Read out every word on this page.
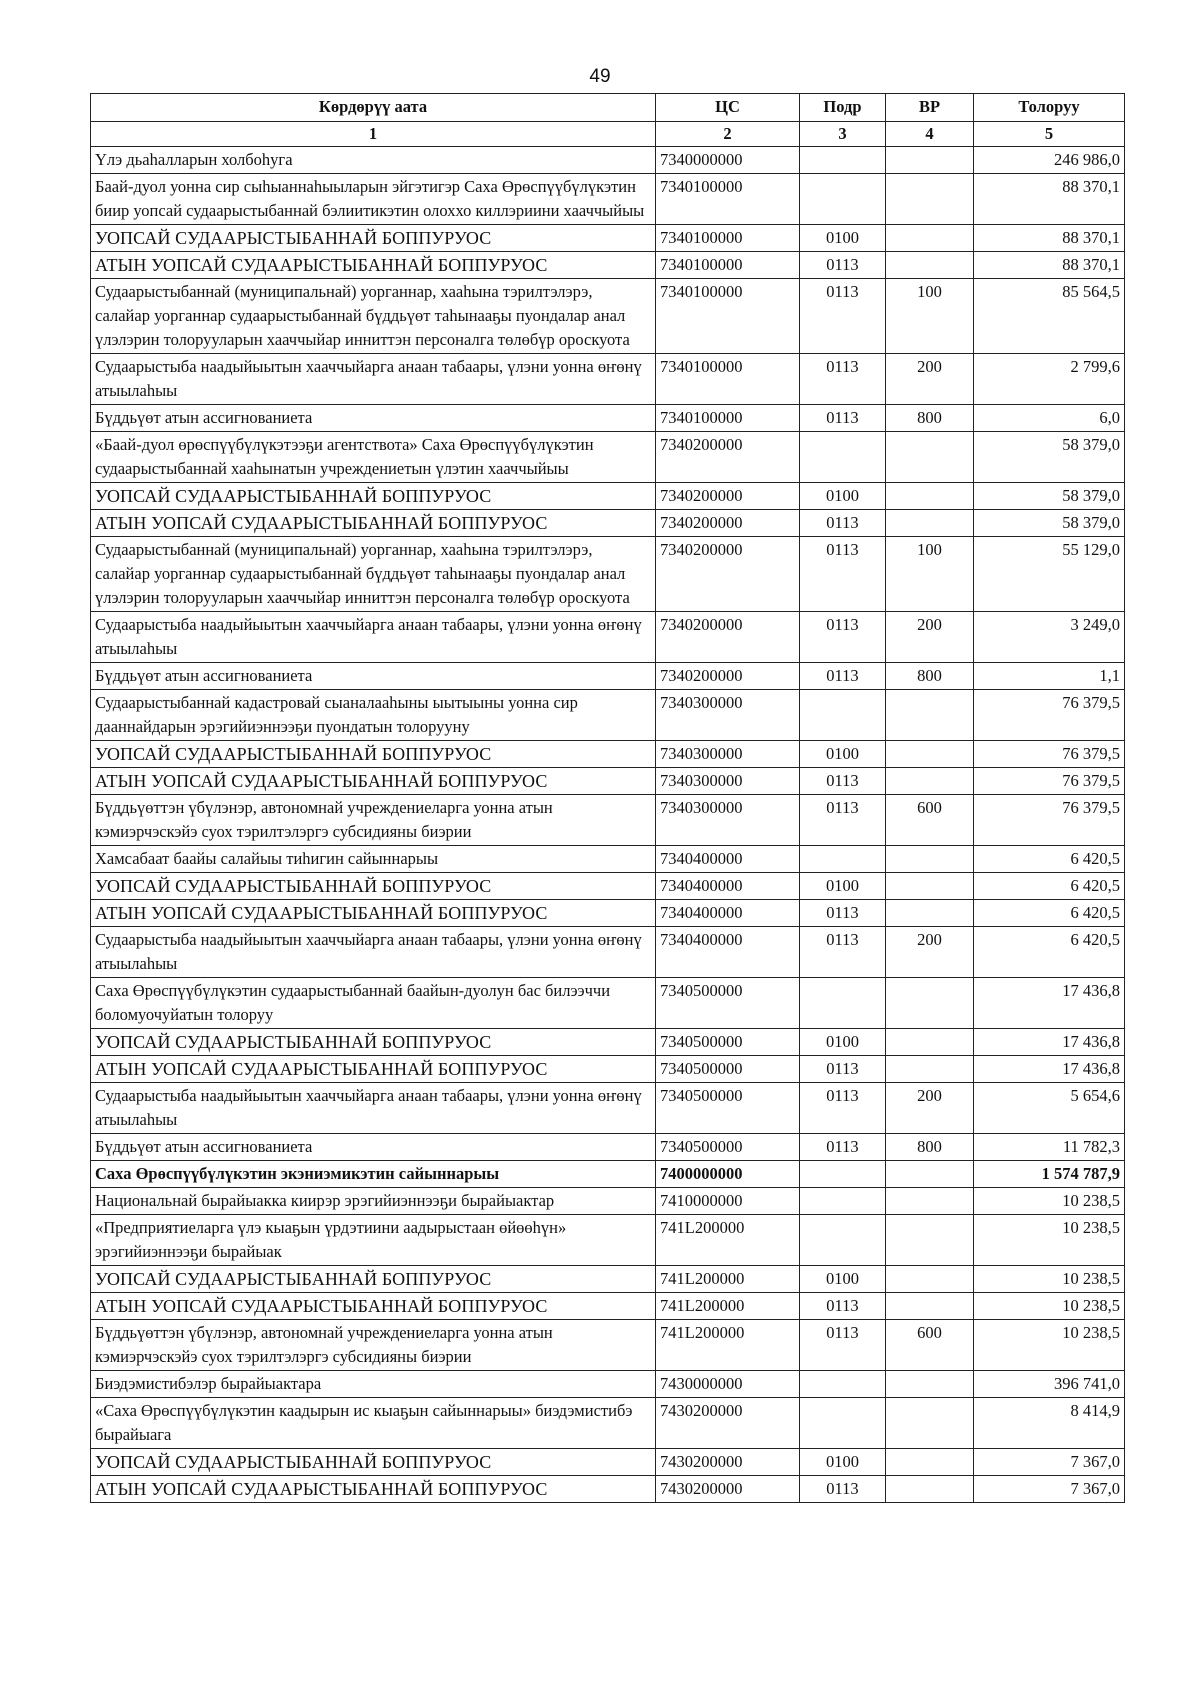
49
Көрдөрүү аата	ЦС	Подр	ВР	Толоруу
1	2	3	4	5
Үлэ дьаһалларын холбоһуга	7340000000			246 986,0
Баай-дуол уонна сир сыһыаннаһыыларын эйгэтигэр Саха Өрөспүүбүлүкэтин биир уопсай судаарыстыбаннай бэлиитикэтин олоххо киллэриини хааччыйыы	7340100000			88 370,1
УОПСАЙ СУДААРЫСТЫБАННАЙ БОППУРУОС	7340100000	0100		88 370,1
АТЫН УОПСАЙ СУДААРЫСТЫБАННАЙ БОППУРУОС	7340100000	0113		88 370,1
Судаарыстыбаннай (муниципальнай) уорганнар, хааһына тэрилтэлэрэ, салайар уорганнар судаарыстыбаннай бүддьүөт таһынааҕы пуондалар анал үлэлэрин толорууларын хааччыйар инниттэн персоналга төлөбүр ороскуота	7340100000	0113	100	85 564,5
Судаарыстыба наадыйыытын хааччыйарга анаан табаары, үлэни уонна өҥөнү атыылаһыы	7340100000	0113	200	2 799,6
Бүддьүөт атын ассигнованиета	7340100000	0113	800	6,0
«Баай-дуол өрөспүүбүлүкэтээҕи агентствота» Саха Өрөспүүбүлүкэтин судаарыстыбаннай хааһынатын учреждениетын үлэтин хааччыйыы	7340200000			58 379,0
УОПСАЙ СУДААРЫСТЫБАННАЙ БОППУРУОС	7340200000	0100		58 379,0
АТЫН УОПСАЙ СУДААРЫСТЫБАННАЙ БОППУРУОС	7340200000	0113		58 379,0
Судаарыстыбаннай (муниципальнай) уорганнар, хааһына тэрилтэлэрэ, салайар уорганнар судаарыстыбаннай бүддьүөт таһынааҕы пуондалар анал үлэлэрин толорууларын хааччыйар инниттэн персоналга төлөбүр ороскуота	7340200000	0113	100	55 129,0
Судаарыстыба наадыйыытын хааччыйарга анаан табаары, үлэни уонна өҥөнү атыылаһыы	7340200000	0113	200	3 249,0
Бүддьүөт атын ассигнованиета	7340200000	0113	800	1,1
Судаарыстыбаннай кадастровай сыаналааһыны ыытыыны уонна сир дааннайдарын эрэгийиэннээҕи пуондатын толорууну	7340300000			76 379,5
УОПСАЙ СУДААРЫСТЫБАННАЙ БОППУРУОС	7340300000	0100		76 379,5
АТЫН УОПСАЙ СУДААРЫСТЫБАННАЙ БОППУРУОС	7340300000	0113		76 379,5
Бүддьүөттэн үбүлэнэр, автономнай учреждениеларга уонна атын кэмиэрчэскэйэ суох тэрилтэлэргэ субсидияны биэрии	7340300000	0113	600	76 379,5
Хамсабаат баайы салайыы тиһигин сайыннарыы	7340400000			6 420,5
УОПСАЙ СУДААРЫСТЫБАННАЙ БОППУРУОС	7340400000	0100		6 420,5
АТЫН УОПСАЙ СУДААРЫСТЫБАННАЙ БОППУРУОС	7340400000	0113		6 420,5
Судаарыстыба наадыйыытын хааччыйарга анаан табаары, үлэни уонна өҥөнү атыылаһыы	7340400000	0113	200	6 420,5
Саха Өрөспүүбүлүкэтин судаарыстыбаннай баайын-дуолун бас билээччи боломуочуйатын толоруу	7340500000			17 436,8
УОПСАЙ СУДААРЫСТЫБАННАЙ БОППУРУОС	7340500000	0100		17 436,8
АТЫН УОПСАЙ СУДААРЫСТЫБАННАЙ БОППУРУОС	7340500000	0113		17 436,8
Судаарыстыба наадыйыытын хааччыйарга анаан табаары, үлэни уонна өҥөнү атыылаһыы	7340500000	0113	200	5 654,6
Бүддьүөт атын ассигнованиета	7340500000	0113	800	11 782,3
Саха Өрөспүүбүлүкэтин экэниэмикэтин сайыннарыы	7400000000			1 574 787,9
Национальнай бырайыакка киирэр эрэгийиэннээҕи бырайыактар	7410000000			10 238,5
«Предприятиеларга үлэ кыаҕын үрдэтиини аадырыстаан өйөөһүн» эрэгийиэннээҕи бырайыак	741L200000			10 238,5
УОПСАЙ СУДААРЫСТЫБАННАЙ БОППУРУОС	741L200000	0100		10 238,5
АТЫН УОПСАЙ СУДААРЫСТЫБАННАЙ БОППУРУОС	741L200000	0113		10 238,5
Бүддьүөттэн үбүлэнэр, автономнай учреждениеларга уонна атын кэмиэрчэскэйэ суох тэрилтэлэргэ субсидияны биэрии	741L200000	0113	600	10 238,5
Биэдэмистибэлэр бырайыактара	7430000000			396 741,0
«Саха Өрөспүүбүлүкэтин каадырын ис кыаҕын сайыннарыы» биэдэмистибэ бырайыага	7430200000			8 414,9
УОПСАЙ СУДААРЫСТЫБАННАЙ БОППУРУОС	7430200000	0100		7 367,0
АТЫН УОПСАЙ СУДААРЫСТЫБАННАЙ БОППУРУОС	7430200000	0113		7 367,0
